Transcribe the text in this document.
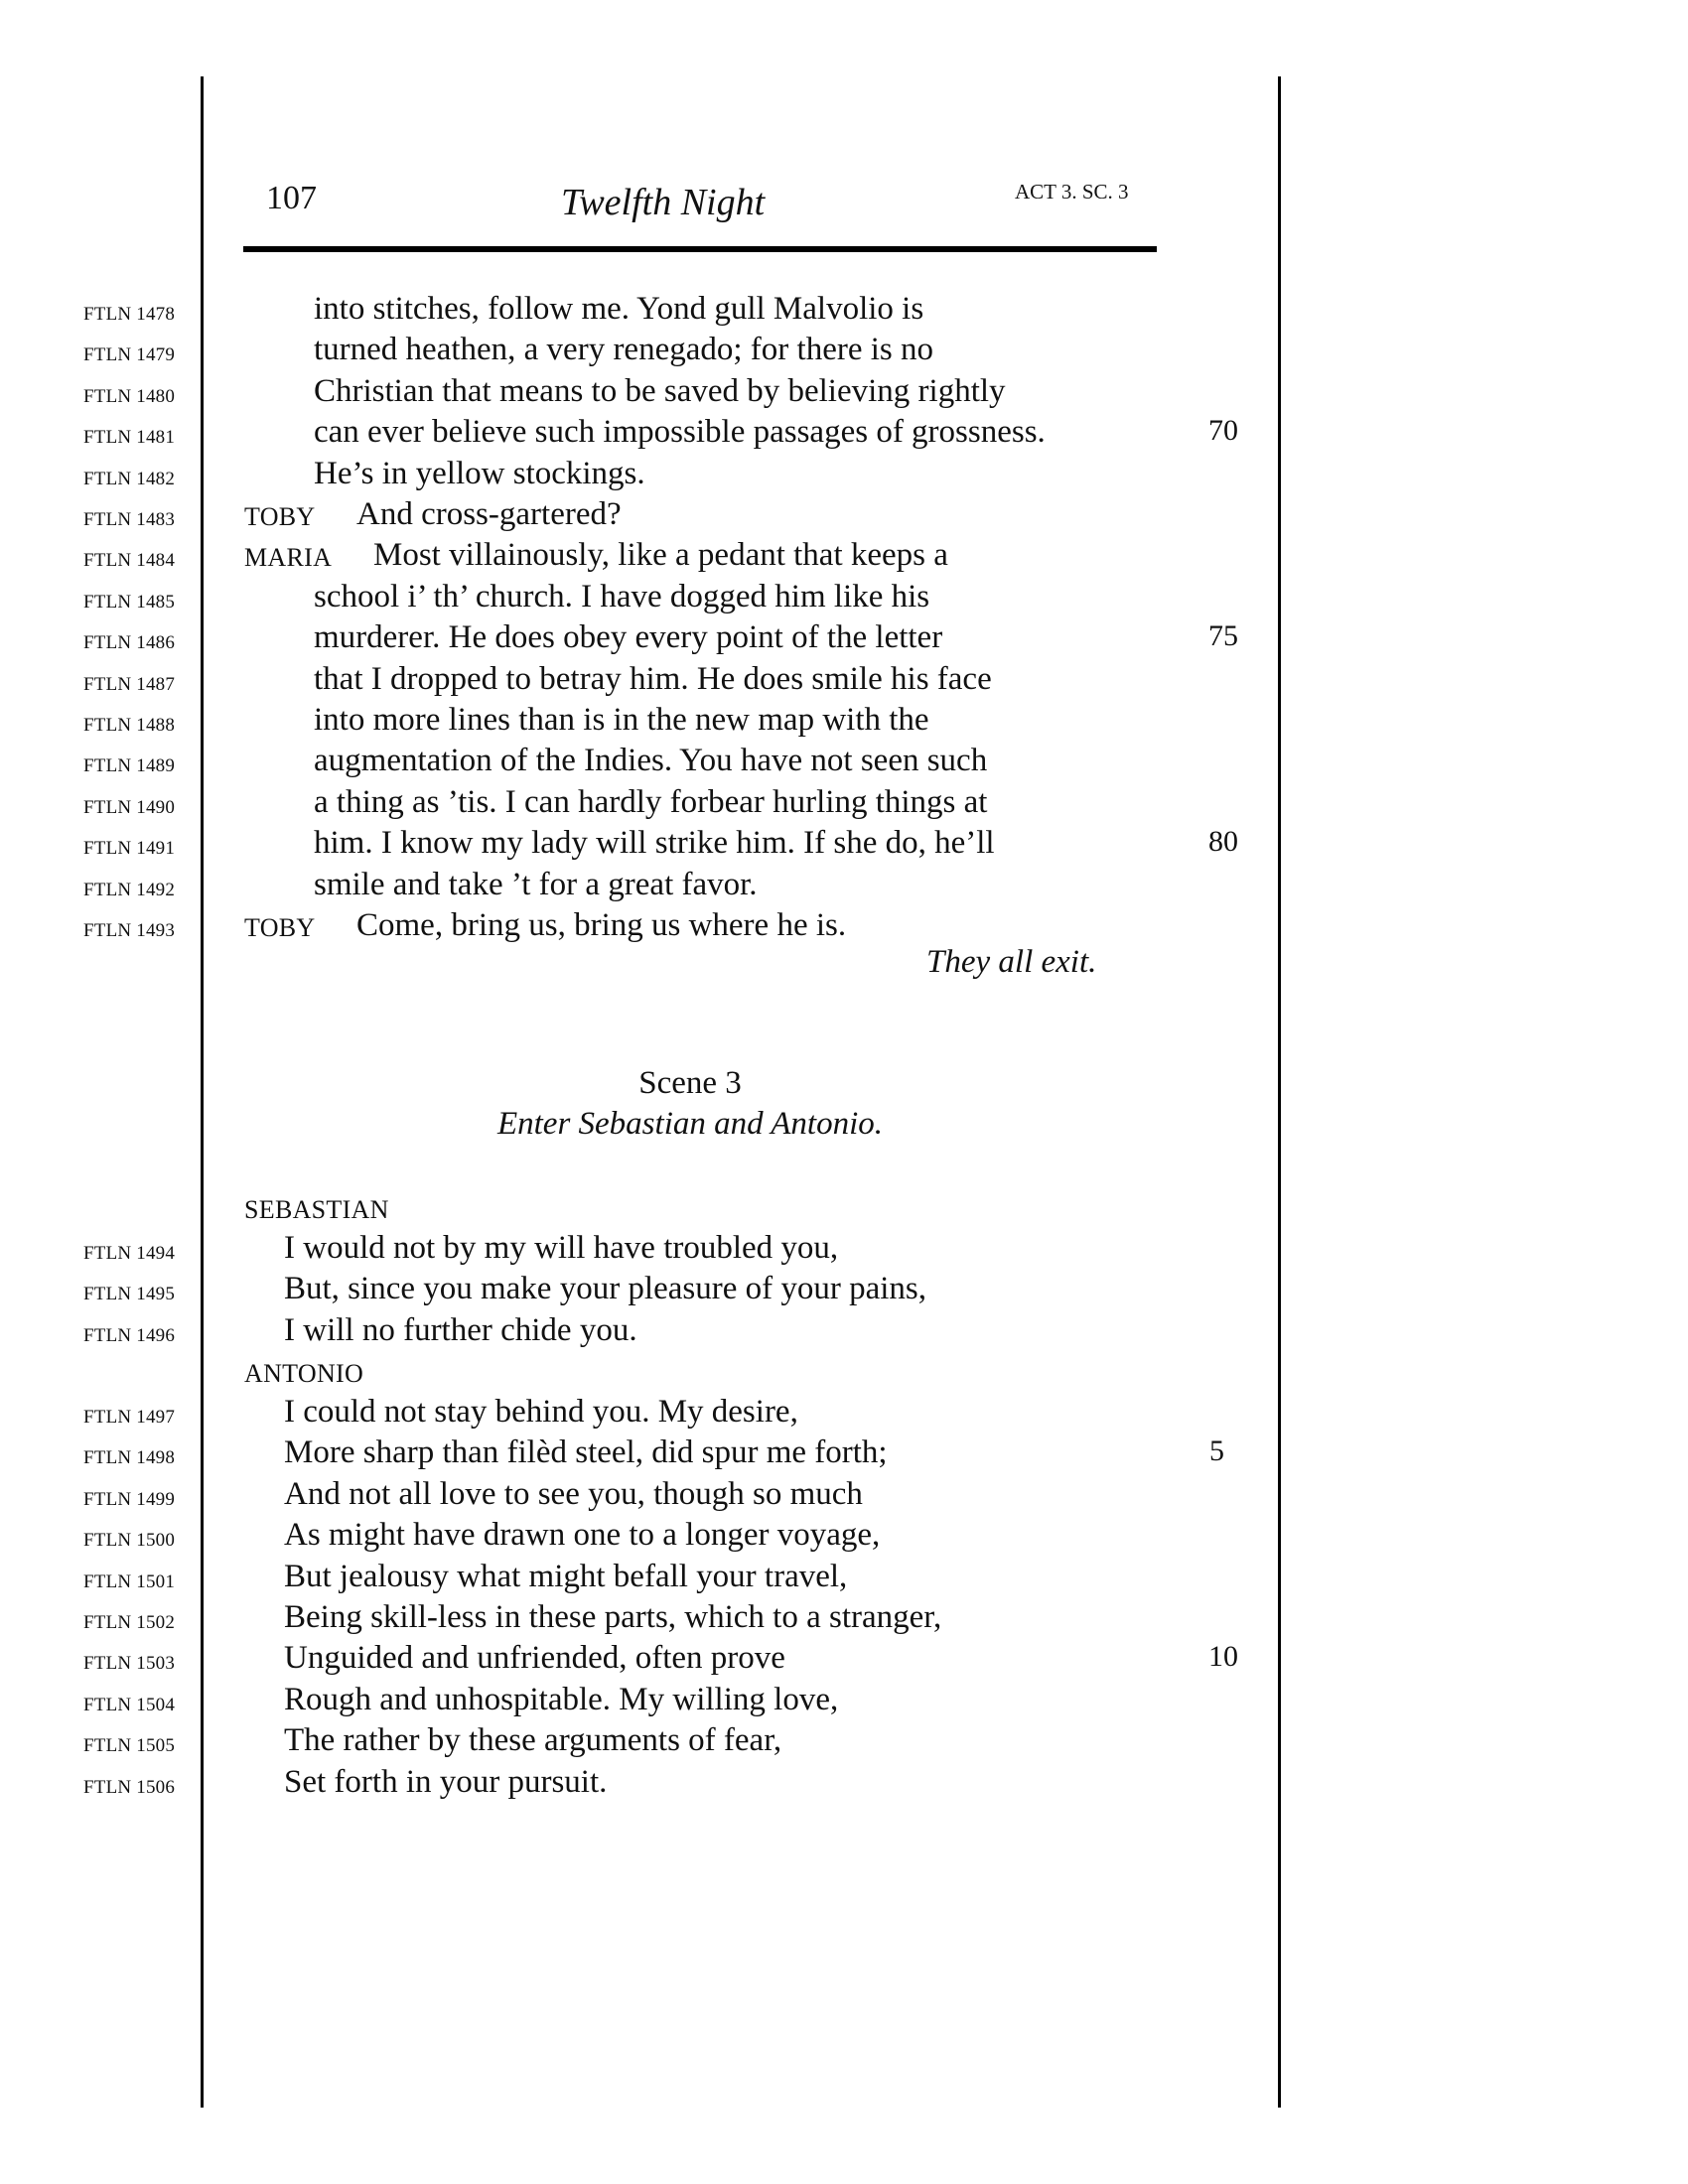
107	Twelfth Night	ACT 3. SC. 3
FTLN 1478	into stitches, follow me. Yond gull Malvolio is
FTLN 1479	turned heathen, a very renegado; for there is no
FTLN 1480	Christian that means to be saved by believing rightly
FTLN 1481	can ever believe such impossible passages of grossness.	70
FTLN 1482	He’s in yellow stockings.
FTLN 1483	TOBY And cross-gartered?
FTLN 1484	MARIA Most villainously, like a pedant that keeps a
FTLN 1485	school i’ th’ church. I have dogged him like his
FTLN 1486	murderer. He does obey every point of the letter	75
FTLN 1487	that I dropped to betray him. He does smile his face
FTLN 1488	into more lines than is in the new map with the
FTLN 1489	augmentation of the Indies. You have not seen such
FTLN 1490	a thing as ’tis. I can hardly forbear hurling things at
FTLN 1491	him. I know my lady will strike him. If she do, he’ll	80
FTLN 1492	smile and take ’t for a great favor.
FTLN 1493	TOBY Come, bring us, bring us where he is.
They all exit.
Scene 3
Enter Sebastian and Antonio.
SEBASTIAN
FTLN 1494	I would not by my will have troubled you,
FTLN 1495	But, since you make your pleasure of your pains,
FTLN 1496	I will no further chide you.
ANTONIO
FTLN 1497	I could not stay behind you. My desire,
FTLN 1498	More sharp than filèd steel, did spur me forth;	5
FTLN 1499	And not all love to see you, though so much
FTLN 1500	As might have drawn one to a longer voyage,
FTLN 1501	But jealousy what might befall your travel,
FTLN 1502	Being skill-less in these parts, which to a stranger,
FTLN 1503	Unguided and unfriended, often prove	10
FTLN 1504	Rough and unhospitable. My willing love,
FTLN 1505	The rather by these arguments of fear,
FTLN 1506	Set forth in your pursuit.
